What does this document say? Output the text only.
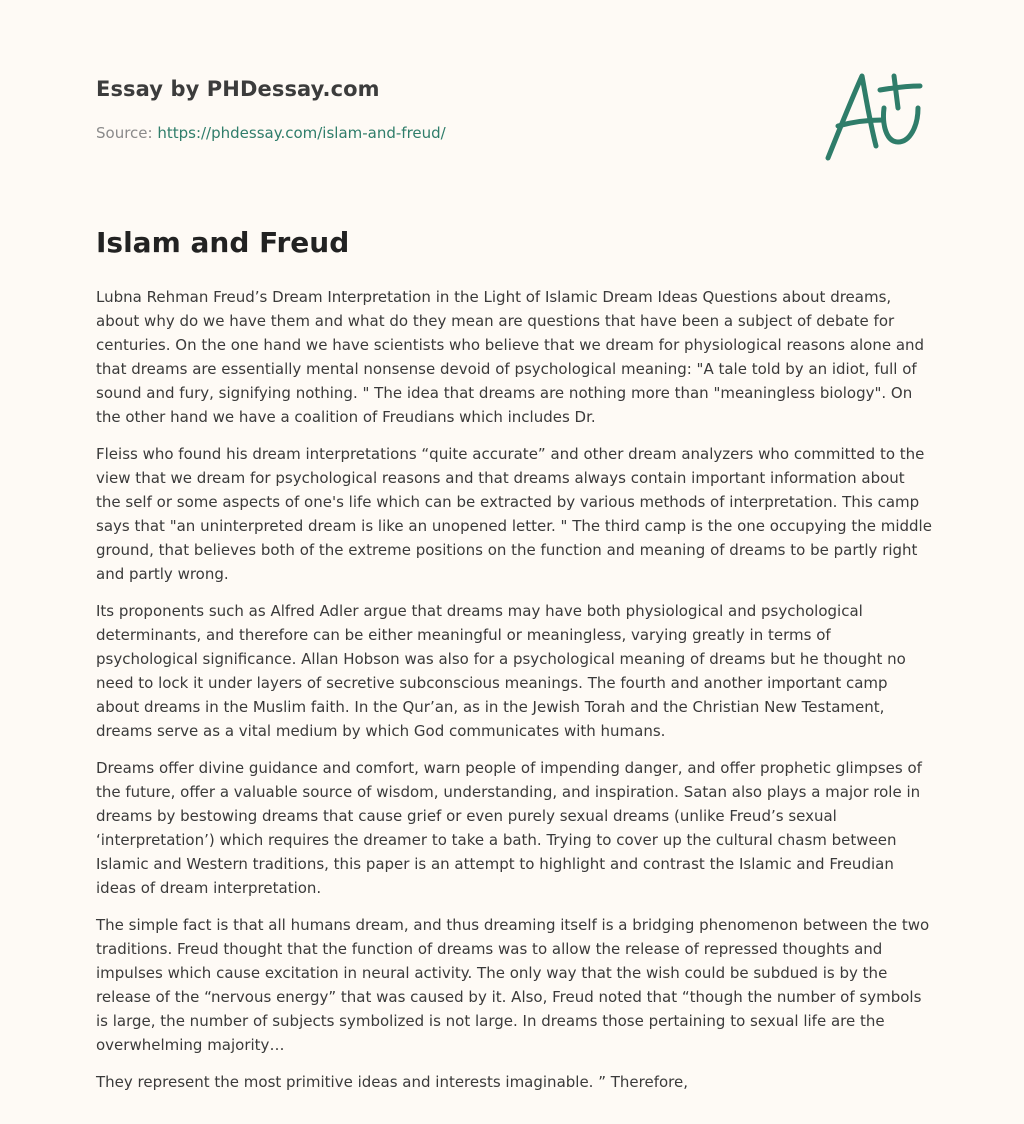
Essay by PHDessay.com
Source: https://phdessay.com/islam-and-freud/
Islam and Freud

Lubna Rehman Freud’s Dream Interpretation in the Light of Islamic Dream Ideas Questions about dreams, about why do we have them and what do they mean are questions that have been a subject of debate for centuries. On the one hand we have scientists who believe that we dream for physiological reasons alone and that dreams are essentially mental nonsense devoid of psychological meaning: "A tale told by an idiot, full of sound and fury, signifying nothing. " The idea that dreams are nothing more than "meaningless biology". On the other hand we have a coalition of Freudians which includes Dr.

Fleiss who found his dream interpretations “quite accurate” and other dream analyzers who committed to the view that we dream for psychological reasons and that dreams always contain important information about the self or some aspects of one's life which can be extracted by various methods of interpretation. This camp says that "an uninterpreted dream is like an unopened letter. " The third camp is the one occupying the middle ground, that believes both of the extreme positions on the function and meaning of dreams to be partly right and partly wrong.

Its proponents such as Alfred Adler argue that dreams may have both physiological and psychological determinants, and therefore can be either meaningful or meaningless, varying greatly in terms of psychological significance. Allan Hobson was also for a psychological meaning of dreams but he thought no need to lock it under layers of secretive subconscious meanings. The fourth and another important camp about dreams in the Muslim faith. In the Qur’an, as in the Jewish Torah and the Christian New Testament, dreams serve as a vital medium by which God communicates with humans.

Dreams offer divine guidance and comfort, warn people of impending danger, and offer prophetic glimpses of the future, offer a valuable source of wisdom, understanding, and inspiration. Satan also plays a major role in dreams by bestowing dreams that cause grief or even purely sexual dreams (unlike Freud’s sexual ‘interpretation’) which requires the dreamer to take a bath. Trying to cover up the cultural chasm between Islamic and Western traditions, this paper is an attempt to highlight and contrast the Islamic and Freudian ideas of dream interpretation.

The simple fact is that all humans dream, and thus dreaming itself is a bridging phenomenon between the two traditions. Freud thought that the function of dreams was to allow the release of repressed thoughts and impulses which cause excitation in neural activity. The only way that the wish could be subdued is by the release of the “nervous energy” that was caused by it. Also, Freud noted that “though the number of symbols is large, the number of subjects symbolized is not large. In dreams those pertaining to sexual life are the overwhelming majority…

They represent the most primitive ideas and interests imaginable. ” Therefore,
